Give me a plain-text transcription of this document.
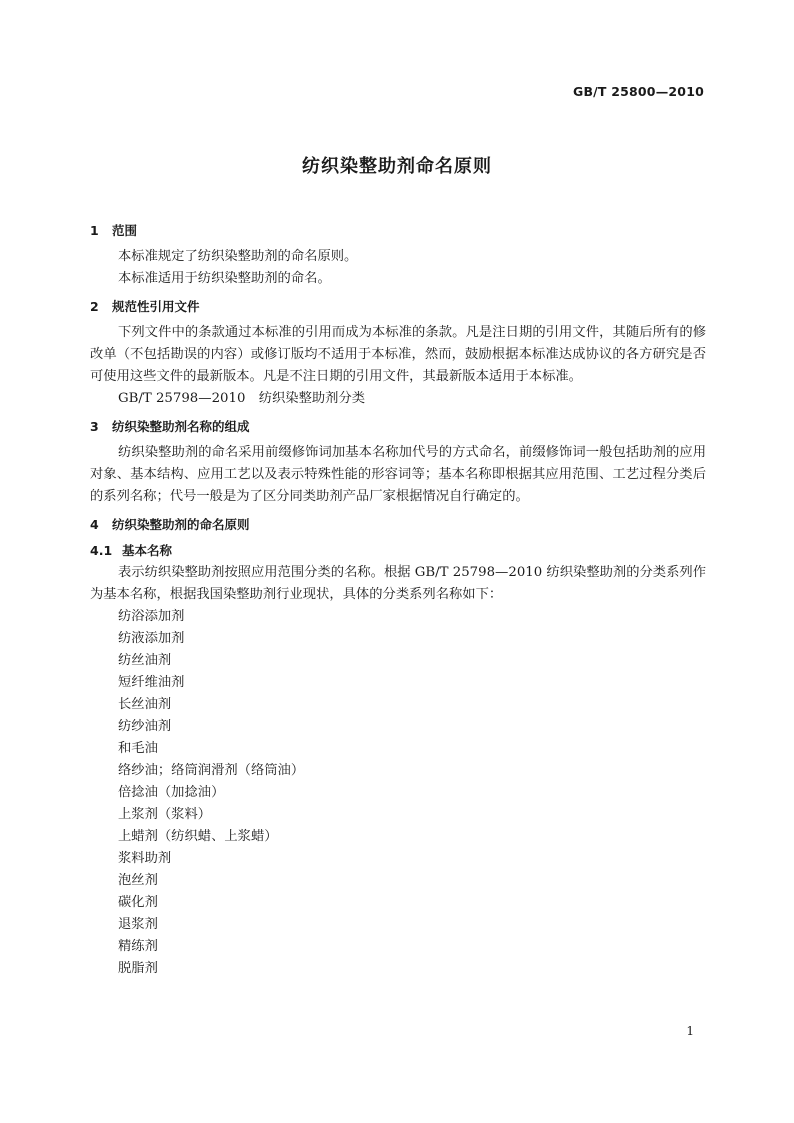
GB/T 25800—2010
纺织染整助剂命名原则
1 范围
本标准规定了纺织染整助剂的命名原则。
本标准适用于纺织染整助剂的命名。
2 规范性引用文件

下列文件中的条款通过本标准的引用而成为本标准的条款。凡是注日期的引用文件，其随后所有的修改单（不包括勘误的内容）或修订版均不适用于本标准，然而，鼓励根据本标准达成协议的各方研究是否可使用这些文件的最新版本。凡是不注日期的引用文件，其最新版本适用于本标准。

GB/T 25798—2010　纺织染整助剂分类
3 纺织染整助剂名称的组成

纺织染整助剂的命名采用前缀修饰词加基本名称加代号的方式命名，前缀修饰词一般包括助剂的应用对象、基本结构、应用工艺以及表示特殊性能的形容词等；基本名称即根据其应用范围、工艺过程分类后的系列名称；代号一般是为了区分同类助剂产品厂家根据情况自行确定的。

4 纺织染整助剂的命名原则
4.1 基本名称

表示纺织染整助剂按照应用范围分类的名称。根据 GB/T 25798—2010 纺织染整助剂的分类系列作为基本名称，根据我国染整助剂行业现状，具体的分类系列名称如下：

纺浴添加剂
纺液添加剂
纺丝油剂
短纤维油剂
长丝油剂
纺纱油剂
和毛油
络纱油；络筒润滑剂（络筒油）
倍捻油（加捻油）
上浆剂（浆料）
上蜡剂（纺织蜡、上浆蜡）
浆料助剂
泡丝剂
碳化剂
退浆剂
精练剂
脱脂剂
1
